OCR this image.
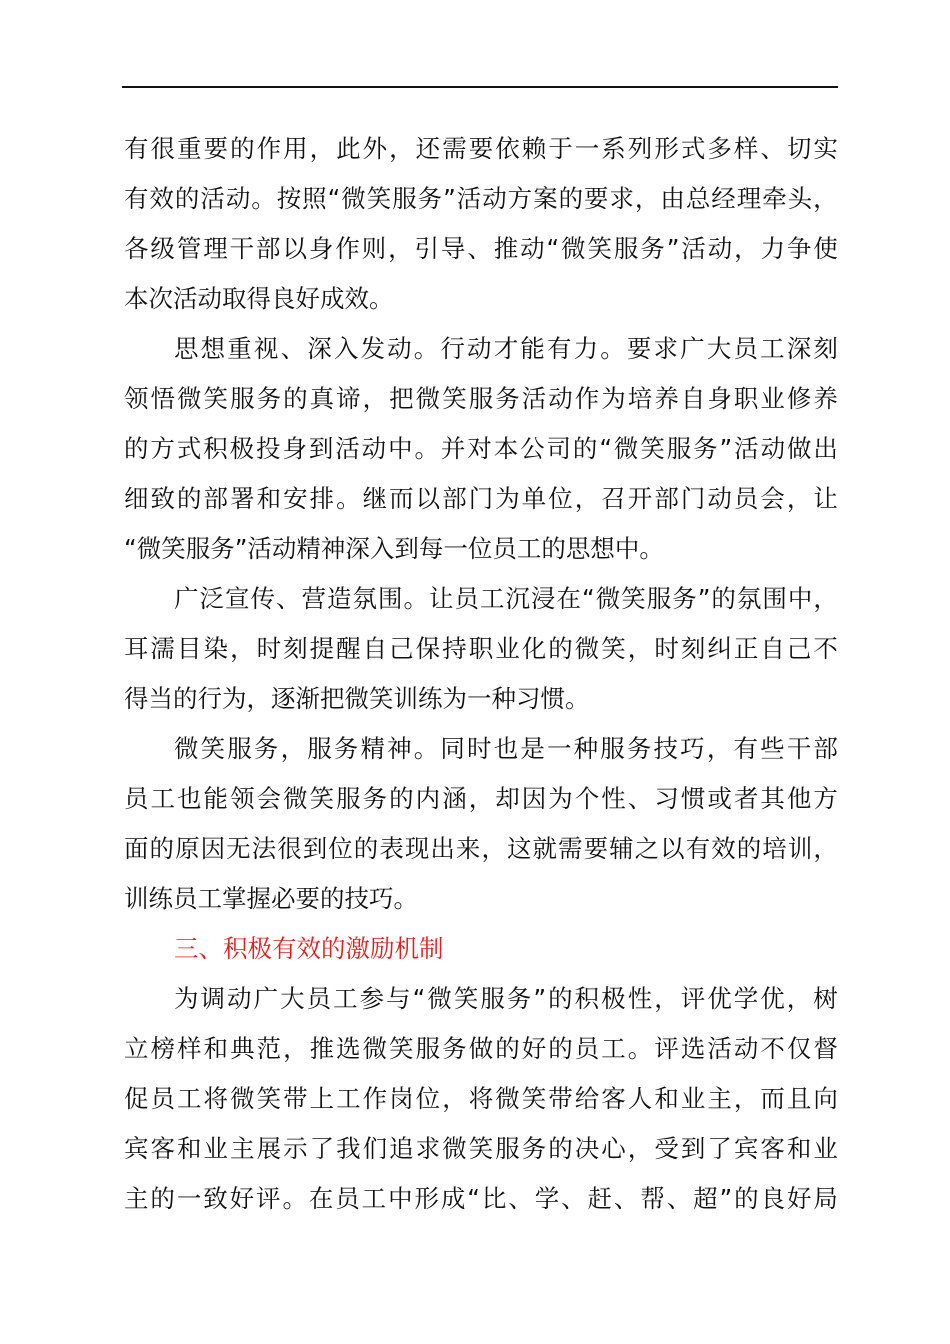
有 很 重 要 的 作 用 ， 此 外 ， 还 需 要 依 赖 于 一 系 列 形 式 多 样 、 切 实
有 效 的 活 动 。 按 照 “ 微 笑 服 务 ” 活 动 方 案 的 要 求 ， 由 总 经 理 牵 头 ，
各 级 管 理 干 部 以 身 作 则 ， 引 导 、 推 动 “ 微 笑 服 务 ” 活 动 ， 力 争 使
本次活动取得良好成效。
思 想 重 视 、 深 入 发 动 。 行 动 才 能 有 力 。 要 求 广 大 员 工 深 刻
领 悟 微 笑 服 务 的 真 谛 ， 把 微 笑 服 务 活 动 作 为 培 养 自 身 职 业 修 养
的 方 式 积 极 投 身 到 活 动 中 。 并 对 本 公 司 的 “ 微 笑 服 务 ” 活 动 做 出
细 致 的 部 署 和 安 排 。 继 而 以 部 门 为 单 位 ， 召 开 部 门 动 员 会 ， 让
“微笑服务”活动精神深入到每一位员工的思想中。
广 泛 宣 传 、 营 造 氛 围 。 让 员 工 沉 浸 在 “ 微 笑 服 务 ” 的 氛 围 中 ，
耳 濡 目 染 ， 时 刻 提 醒 自 己 保 持 职 业 化 的 微 笑 ， 时 刻 纠 正 自 己 不
得当的行为，逐渐把微笑训练为一种习惯。
微 笑 服 务 ， 服 务 精 神 。 同 时 也 是 一 种 服 务 技 巧 ， 有 些 干 部
员 工 也 能 领 会 微 笑 服 务 的 内 涵 ， 却 因 为 个 性 、 习 惯 或 者 其 他 方
面 的 原 因 无 法 很 到 位 的 表 现 出 来 ， 这 就 需 要 辅 之 以 有 效 的 培 训 ，
训练员工掌握必要的技巧。
三、积极有效的激励机制
为 调 动 广 大 员 工 参 与 “ 微 笑 服 务 ” 的 积 极 性 ， 评 优 学 优 ， 树
立 榜 样 和 典 范 ， 推 选 微 笑 服 务 做 的 好 的 员 工 。 评 选 活 动 不 仅 督
促 员 工 将 微 笑 带 上 工 作 岗 位 ， 将 微 笑 带 给 客 人 和 业 主 ， 而 且 向
宾 客 和 业 主 展 示 了 我 们 追 求 微 笑 服 务 的 决 心 ， 受 到 了 宾 客 和 业
主 的 一 致 好 评 。 在 员 工 中 形 成 “ 比 、 学 、 赶 、 帮 、 超 ” 的 良 好 局
